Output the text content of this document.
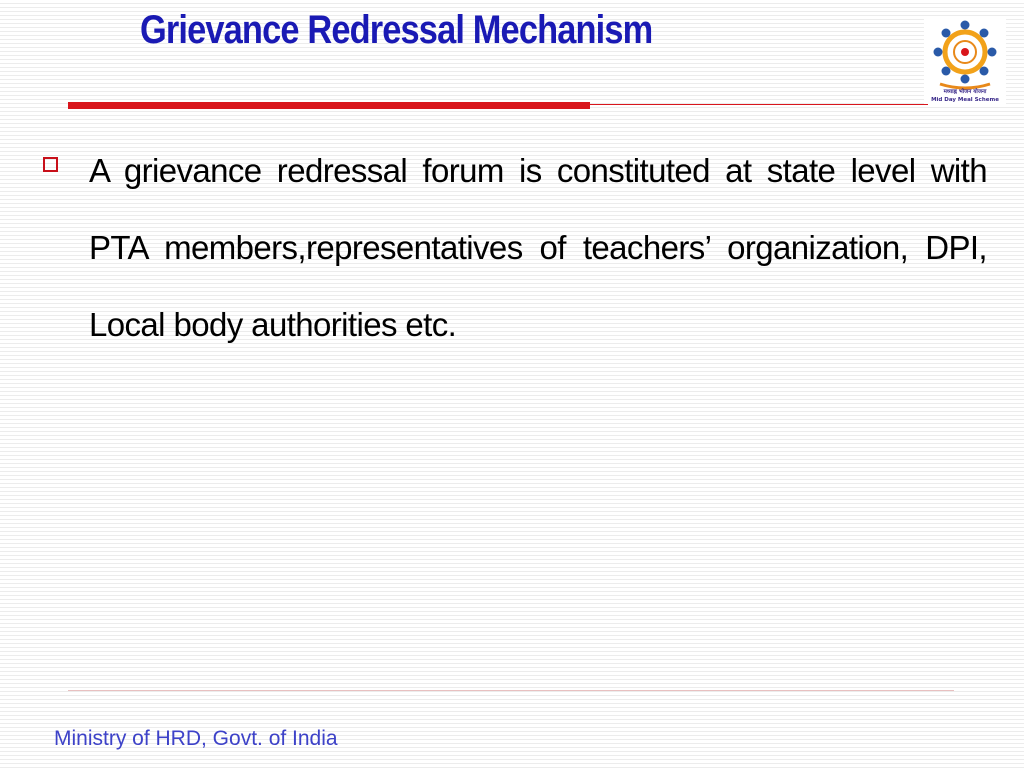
Grievance Redressal Mechanism
मध्याह्न भोजन योजना
Mid Day Meal Scheme
A grievance redressal forum is constituted at state level with PTA members,representatives of teachers’ organization, DPI, Local body authorities etc.
Ministry of HRD, Govt. of India
